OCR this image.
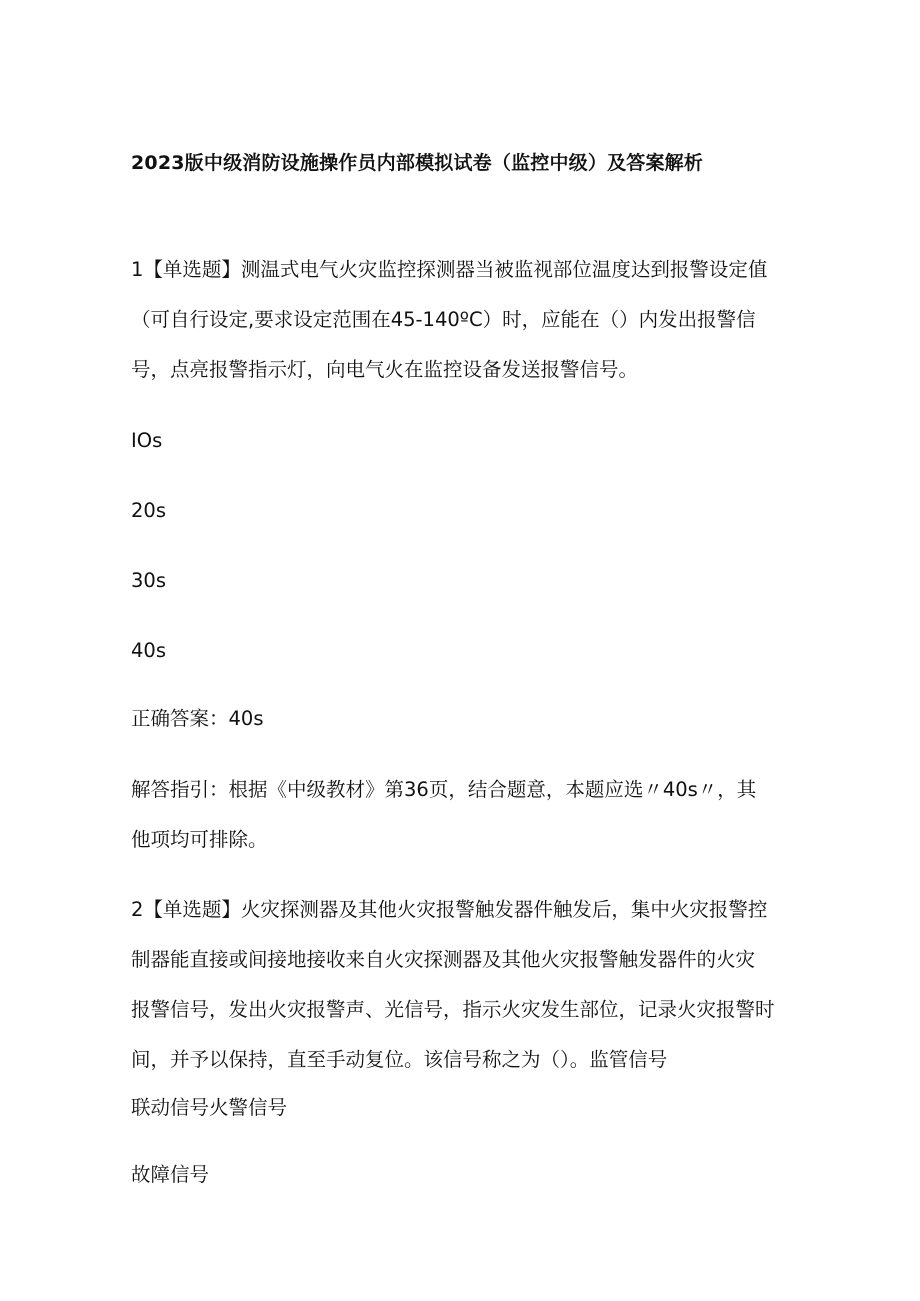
2023版中级消防设施操作员内部模拟试卷（监控中级）及答案解析
1【单选题】测温式电气火灾监控探测器当被监视部位温度达到报警设定值
（可自行设定,要求设定范围在45-140ºC）时，应能在（）内发出报警信
号，点亮报警指示灯，向电气火在监控设备发送报警信号。
IOs
20s
30s
40s
正确答案：40s
解答指引：根据《中级教材》第36页，结合题意，本题应选〃40s〃，其
他项均可排除。
2【单选题】火灾探测器及其他火灾报警触发器件触发后，集中火灾报警控
制器能直接或间接地接收来自火灾探测器及其他火灾报警触发器件的火灾
报警信号，发出火灾报警声、光信号，指示火灾发生部位，记录火灾报警时
间，并予以保持，直至手动复位。该信号称之为（）。监管信号
联动信号火警信号
故障信号
